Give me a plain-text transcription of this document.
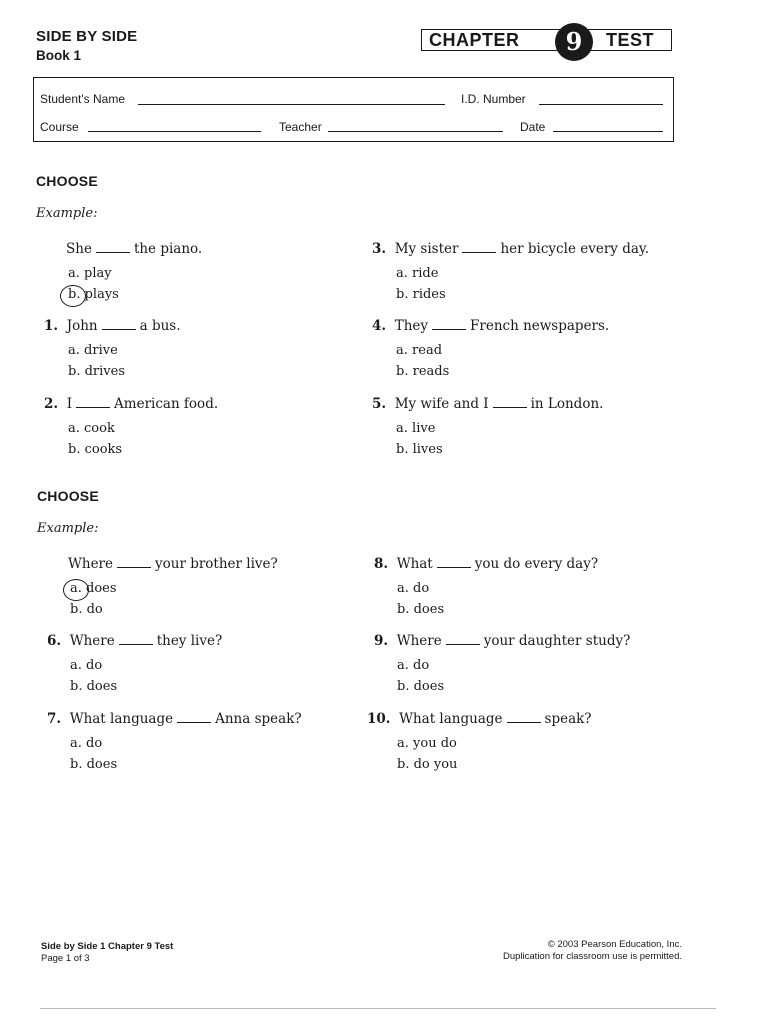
SIDE BY SIDE
Book 1
CHAPTER	9	TEST
Student's Name	I.D. Number
Course	Teacher	Date
CHOOSE
Example:
She	the piano.
a. play
b. plays
1. John	a bus.
a. drive
b. drives
2. I	American food.
a. cook
b. cooks
3. My sister	her bicycle every day.
a. ride
b. rides
4. They	French newspapers.
a. read
b. reads
5. My wife and I	in London.
a. live
b. lives
CHOOSE
Example:
Where	your brother live?
a. does
b. do
6. Where	they live?
a. do
b. does
7. What language	Anna speak?
a. do
b. does
8. What	you do every day?
a. do
b. does
9. Where	your daughter study?
a. do
b. does
10. What language	speak?
a. you do
b. do you
Side by Side 1 Chapter 9 Test
Page 1 of 3
© 2003 Pearson Education, Inc.
Duplication for classroom use is permitted.
